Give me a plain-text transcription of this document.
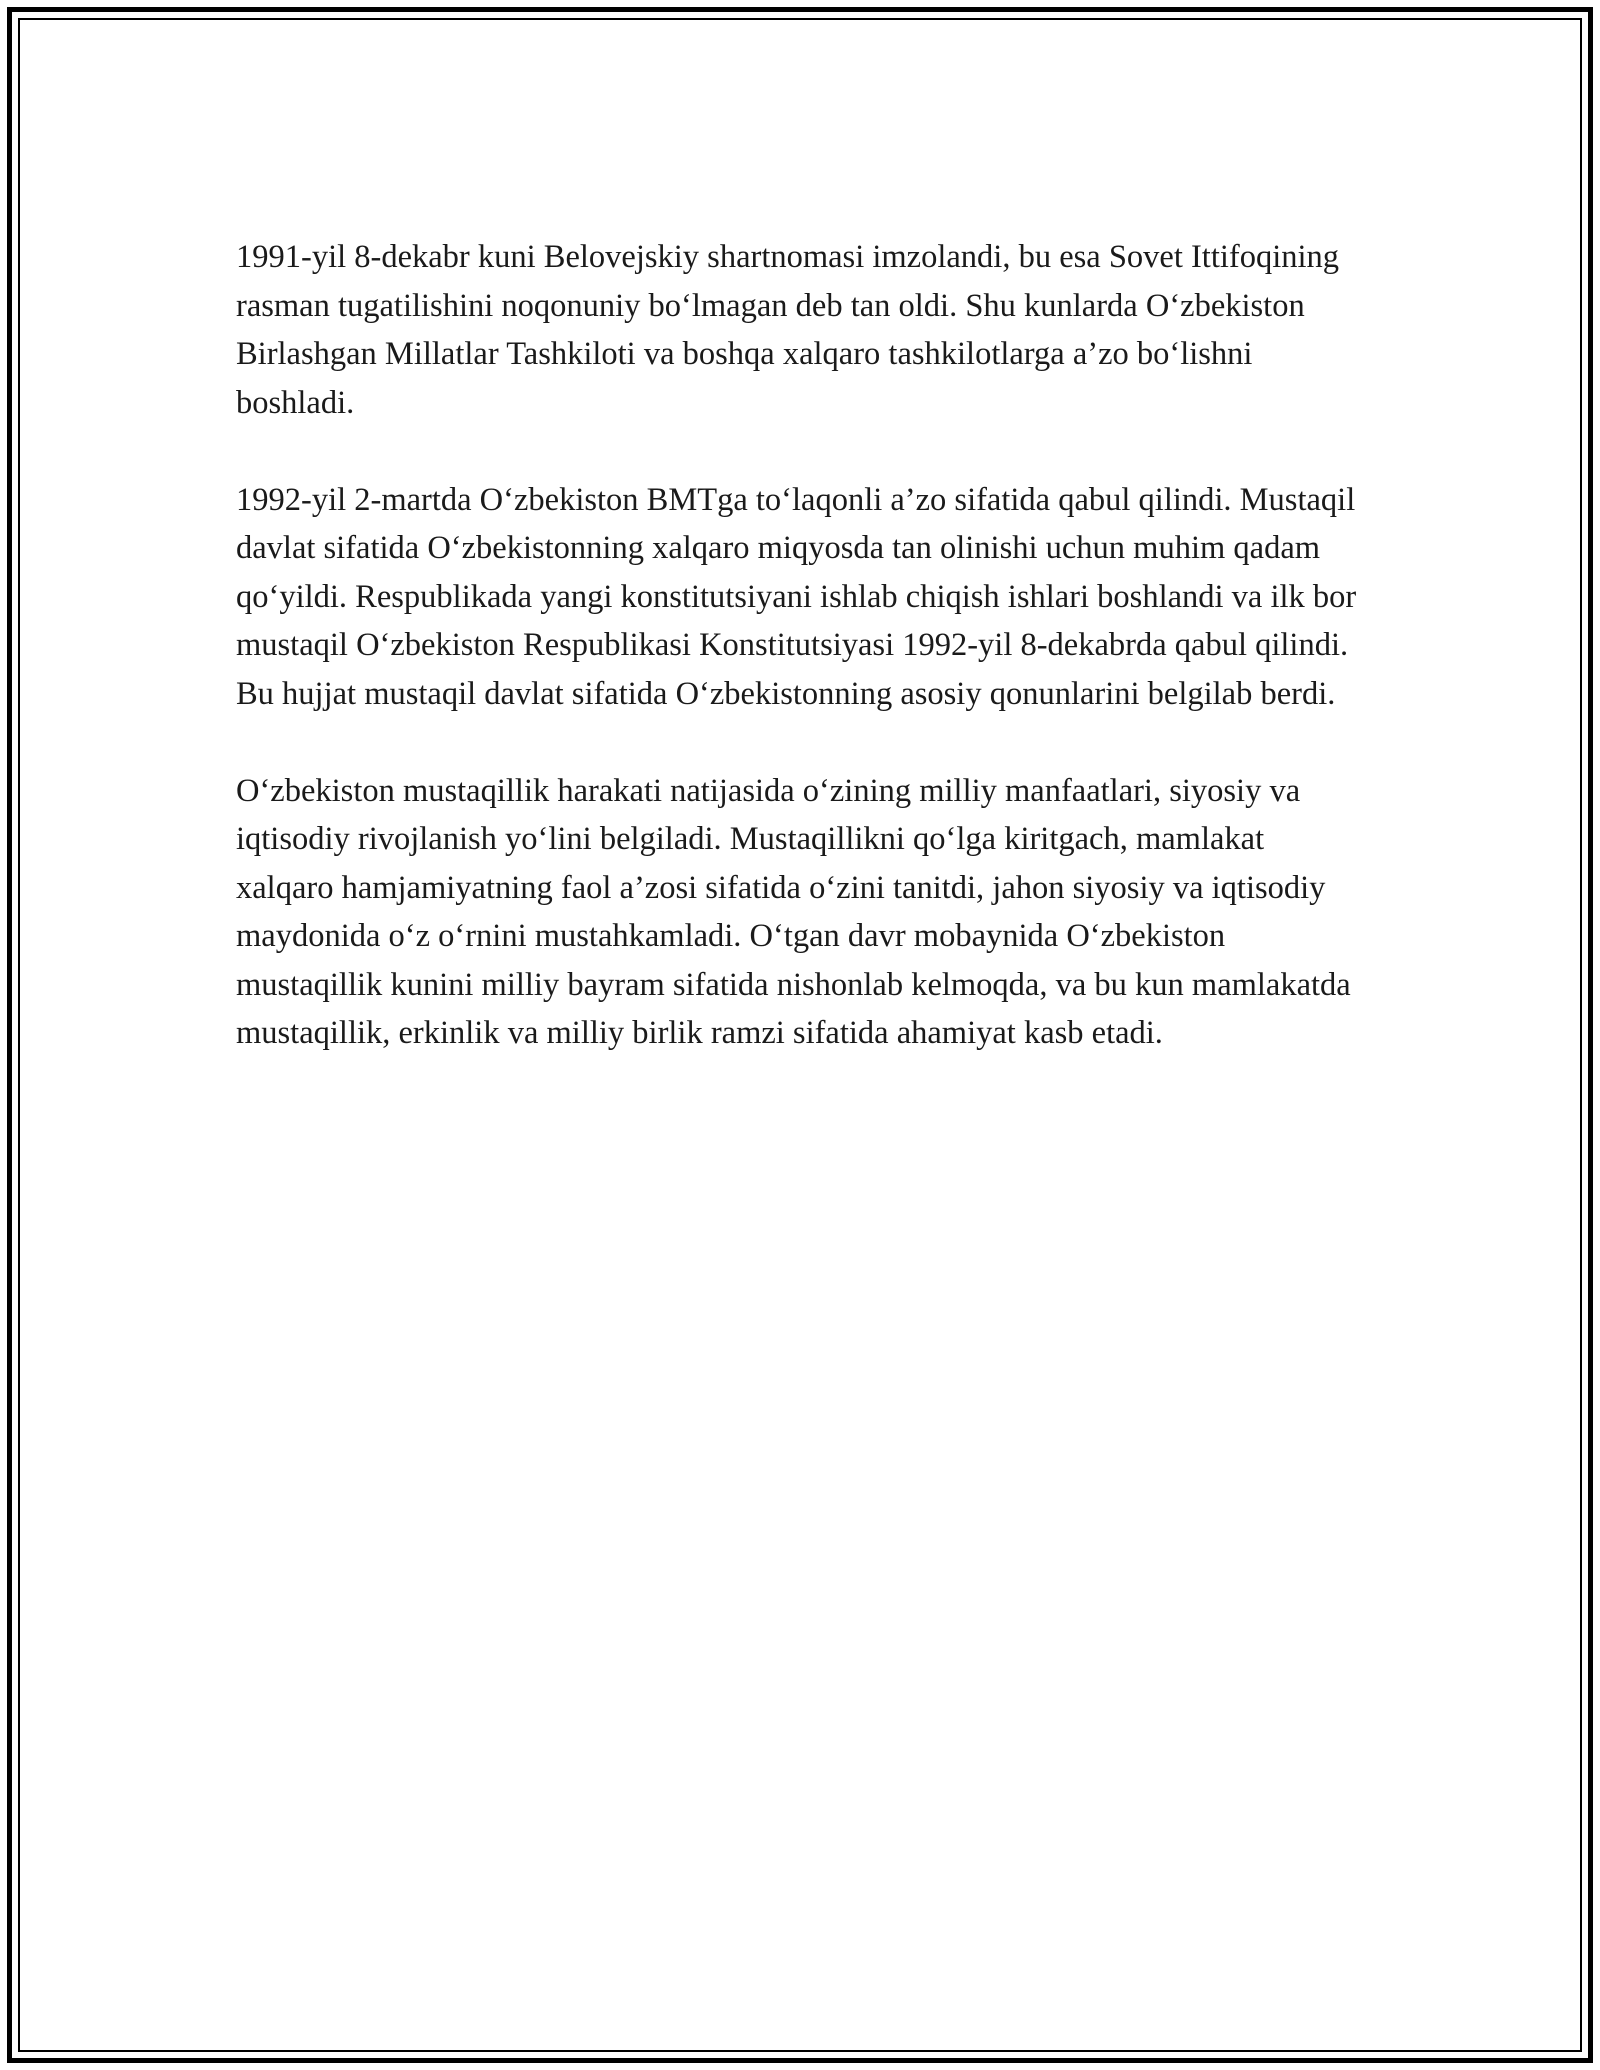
1991-yil 8-dekabr kuni Belovejskiy shartnomasi imzolandi, bu esa Sovet Ittifoqining rasman tugatilishini noqonuniy bo‘lmagan deb tan oldi. Shu kunlarda O‘zbekiston Birlashgan Millatlar Tashkiloti va boshqa xalqaro tashkilotlarga a’zo bo‘lishni boshladi.

1992-yil 2-martda O‘zbekiston BMTga to‘laqonli a’zo sifatida qabul qilindi. Mustaqil davlat sifatida O‘zbekistonning xalqaro miqyosda tan olinishi uchun muhim qadam qo‘yildi. Respublikada yangi konstitutsiyani ishlab chiqish ishlari boshlandi va ilk bor mustaqil O‘zbekiston Respublikasi Konstitutsiyasi 1992-yil 8-dekabrda qabul qilindi. Bu hujjat mustaqil davlat sifatida O‘zbekistonning asosiy qonunlarini belgilab berdi.

O‘zbekiston mustaqillik harakati natijasida o‘zining milliy manfaatlari, siyosiy va iqtisodiy rivojlanish yo‘lini belgiladi. Mustaqillikni qo‘lga kiritgach, mamlakat xalqaro hamjamiyatning faol a’zosi sifatida o‘zini tanitdi, jahon siyosiy va iqtisodiy maydonida o‘z o‘rnini mustahkamladi. O‘tgan davr mobaynida O‘zbekiston mustaqillik kunini milliy bayram sifatida nishonlab kelmoqda, va bu kun mamlakatda mustaqillik, erkinlik va milliy birlik ramzi sifatida ahamiyat kasb etadi.
